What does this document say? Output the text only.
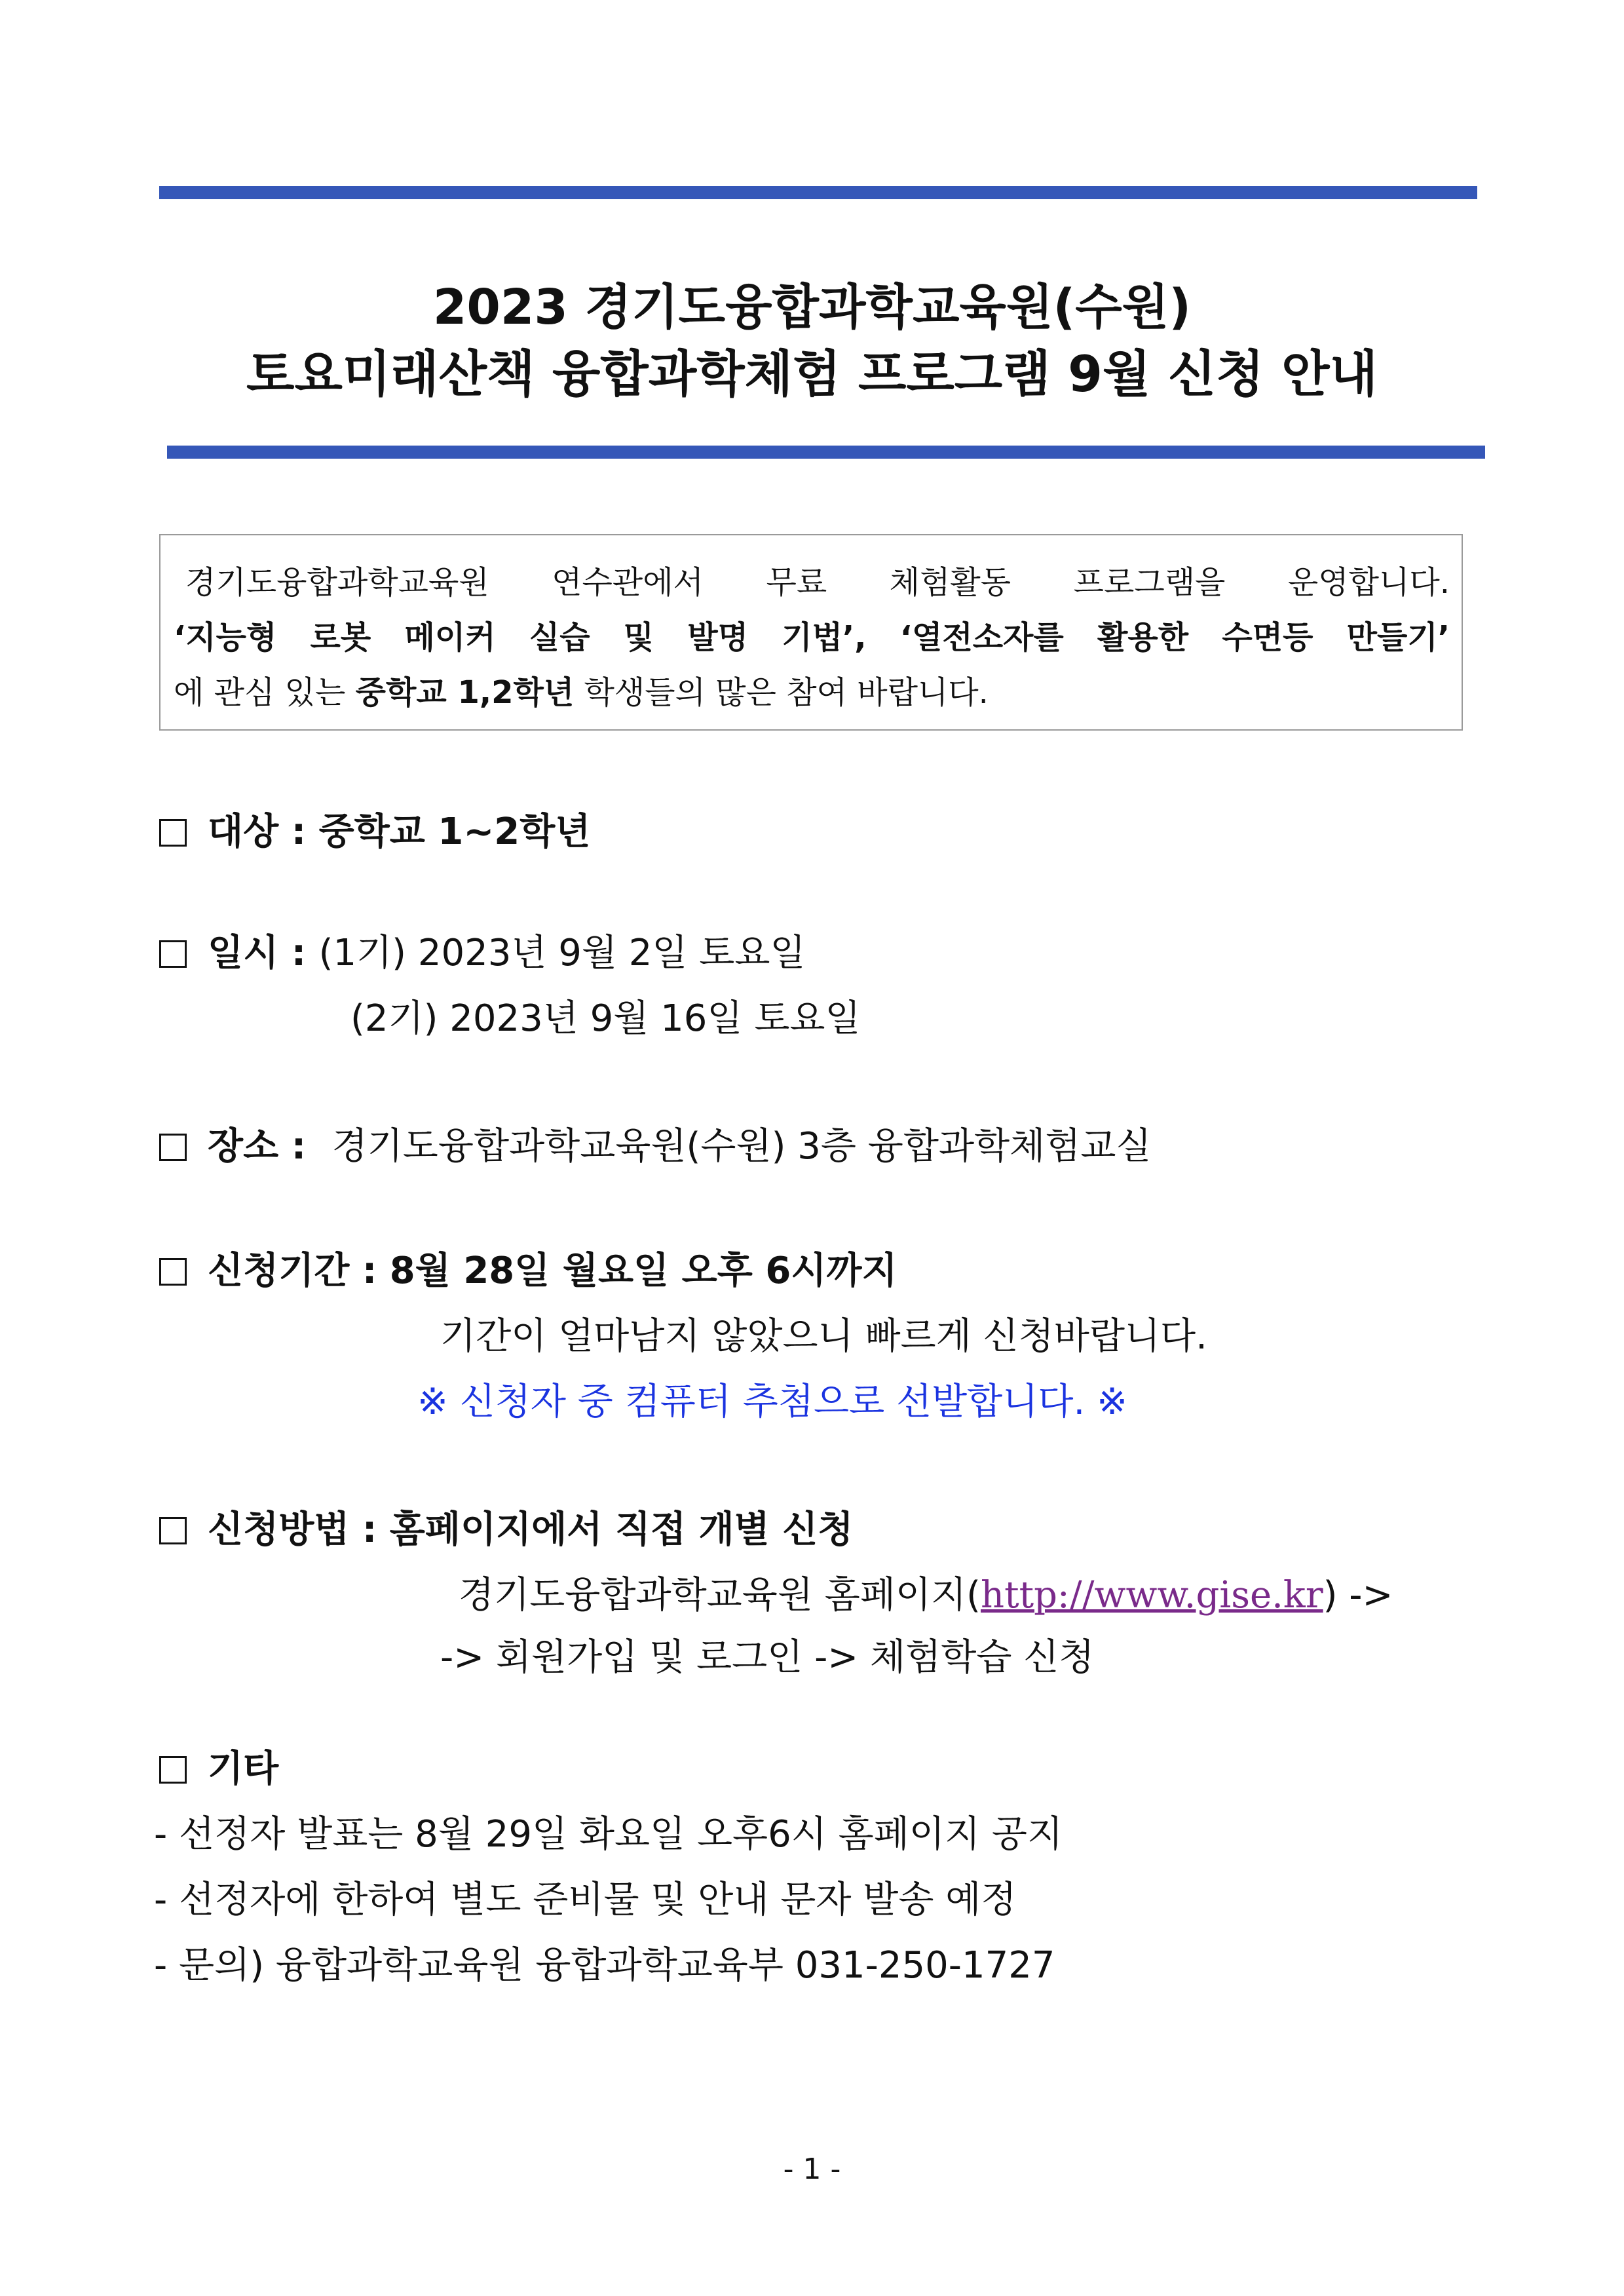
2023 경기도융합과학교육원(수원)
토요미래산책 융합과학체험 프로그램 9월 신청 안내
경기도융합과학교육원 연수관에서 무료 체험활동 프로그램을 운영합니다.
‘지능형 로봇 메이커 실습 및 발명 기법’, ‘열전소자를 활용한 수면등 만들기’
에 관심 있는 중학교 1,2학년 학생들의 많은 참여 바랍니다.
대상 : 중학교 1~2학년
일시 : (1기) 2023년 9월 2일 토요일
(2기) 2023년 9월 16일 토요일
장소 : 경기도융합과학교육원(수원) 3층 융합과학체험교실
신청기간 : 8월 28일 월요일 오후 6시까지
기간이 얼마남지 않았으니 빠르게 신청바랍니다.
※ 신청자 중 컴퓨터 추첨으로 선발합니다. ※
신청방법 : 홈페이지에서 직접 개별 신청
경기도융합과학교육원 홈페이지(http://www.gise.kr) ->
-> 회원가입 및 로그인 -> 체험학습 신청
기타
- 선정자 발표는 8월 29일 화요일 오후6시 홈페이지 공지
- 선정자에 한하여 별도 준비물 및 안내 문자 발송 예정
- 문의) 융합과학교육원 융합과학교육부 031-250-1727
- 1 -
